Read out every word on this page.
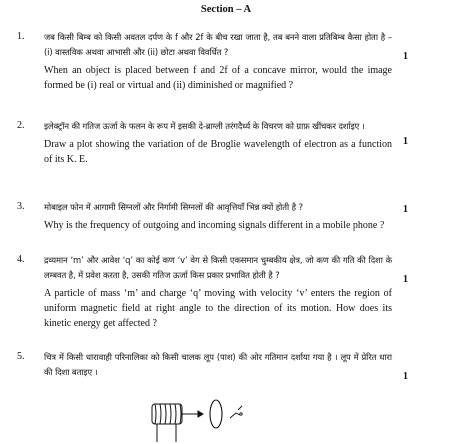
Section – A
1. जब किसी बिम्ब को किसी अवतल दर्पण के f और 2f के बीच रखा जाता है, तब बनने वाला प्रतिबिम्ब कैसा होता है – (i) वास्तविक अथवा आभासी और (ii) छोटा अथवा विवर्धित ?
When an object is placed between f and 2f of a concave mirror, would the image formed be (i) real or virtual and (ii) diminished or magnified ?
1
2. इलेक्ट्रॉन की गतिज ऊर्जा के फलन के रूप में इसकी दे-ब्राग्ली तरंगदैर्ध्य के विचरण को ग्राफ़ खींचकर दर्शाइए ।
Draw a plot showing the variation of de Broglie wavelength of electron as a function of its K. E.
1
3. मोबाइल फोन में आगामी सिग्नलों और निर्गामी सिग्नलों की आवृत्तियाँ भिन्न क्यों होती है ?
Why is the frequency of outgoing and incoming signals different in a mobile phone ?
1
4. द्रव्यमान ‘m’ और आवेश ‘q’ का कोई कण ‘v’ वेग से किसी एकसमान चुम्बकीय क्षेत्र, जो कण की गति की दिशा के लम्बवत है, में प्रवेश करता है, उसकी गतिज ऊर्जा किस प्रकार प्रभावित होती है ?
A particle of mass ‘m’ and charge ‘q’ moving with velocity ‘v’ enters the region of uniform magnetic field at right angle to the direction of its motion. How does its kinetic energy get affected ?
1
5. चित्र में किसी धारावाही परिनालिका को किसी चालक लूप (पाश) की ओर गतिमान दर्शाया गया है । लूप में प्रेरित धारा की दिशा बताइए ।	1
